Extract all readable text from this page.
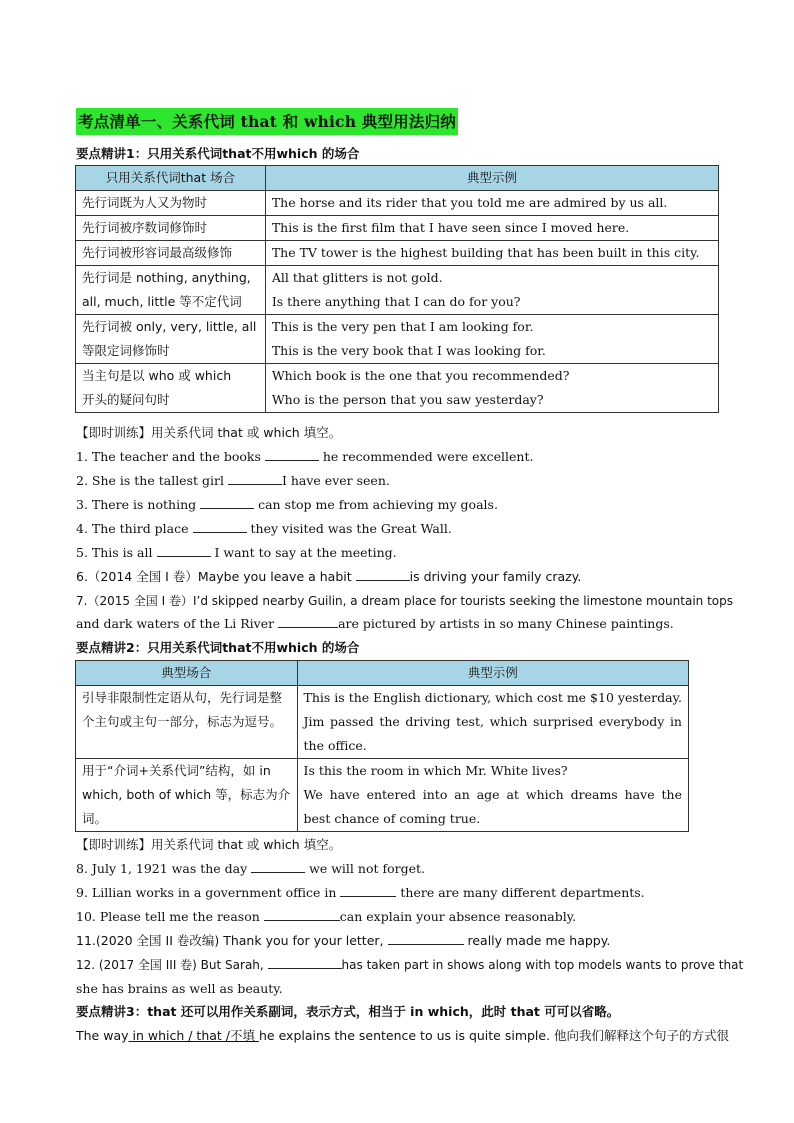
考点清单一、关系代词 that 和 which 典型用法归纳
要点精讲1：只用关系代词that不用which 的场合
只用关系代词that 场合	典型示例

先行词既为人又为物时	The horse and its rider that you told me are admired by us all.

先行词被序数词修饰时	This is the first film that I have seen since I moved here.

先行词被形容词最高级修饰	The TV tower is the highest building that has been built in this city.

先行词是 nothing, anything,
all, much, little 等不定代词	All that glitters is not gold.
Is there anything that I can do for you?

先行词被 only, very, little, all
等限定词修饰时	This is the very pen that I am looking for.
This is the very book that I was looking for.

当主句是以 who 或 which
开头的疑问句时	Which book is the one that you recommended?
Who is the person that you saw yesterday?
【即时训练】用关系代词 that 或 which 填空。
1. The teacher and the books	he recommended were excellent.
2. She is the tallest girl	I have ever seen.
3. There is nothing	can stop me from achieving my goals.
4. The third place	they visited was the Great Wall.
5. This is all	I want to say at the meeting.
6.（2014 全国 I 卷）Maybe you leave a habit	is driving your family crazy.
7.（2015 全国 I 卷）I’d skipped nearby Guilin, a dream place for tourists seeking the limestone mountain tops
and dark waters of the Li River	are pictured by artists in so many Chinese paintings.
要点精讲2：只用关系代词that不用which 的场合
典型场合	典型示例
引导非限制性定语从句，先行词是整个主句或主句一部分，标志为逗号。	This is the English dictionary, which cost me $10 yesterday.
Jim passed the driving test, which surprised everybody in the office.
用于“介词+关系代词”结构，如 in which, both of which 等，标志为介词。	Is this the room in which Mr. White lives?
We have entered into an age at which dreams have the best chance of coming true.
【即时训练】用关系代词 that 或 which 填空。
8. July 1, 1921 was the day	we will not forget.
9. Lillian works in a government office in	there are many different departments.
10. Please tell me the reason	can explain your absence reasonably.
11.(2020 全国 II 卷改编) Thank you for your letter,	really made me happy.
12. (2017 全国 III 卷) But Sarah,	has taken part in shows along with top models wants to prove that
she has brains as well as beauty.
要点精讲3：that 还可以用作关系副词，表示方式，相当于 in which，此时 that 可可以省略。
The way in which / that /不填 he explains the sentence to us is quite simple. 他向我们解释这个句子的方式很
